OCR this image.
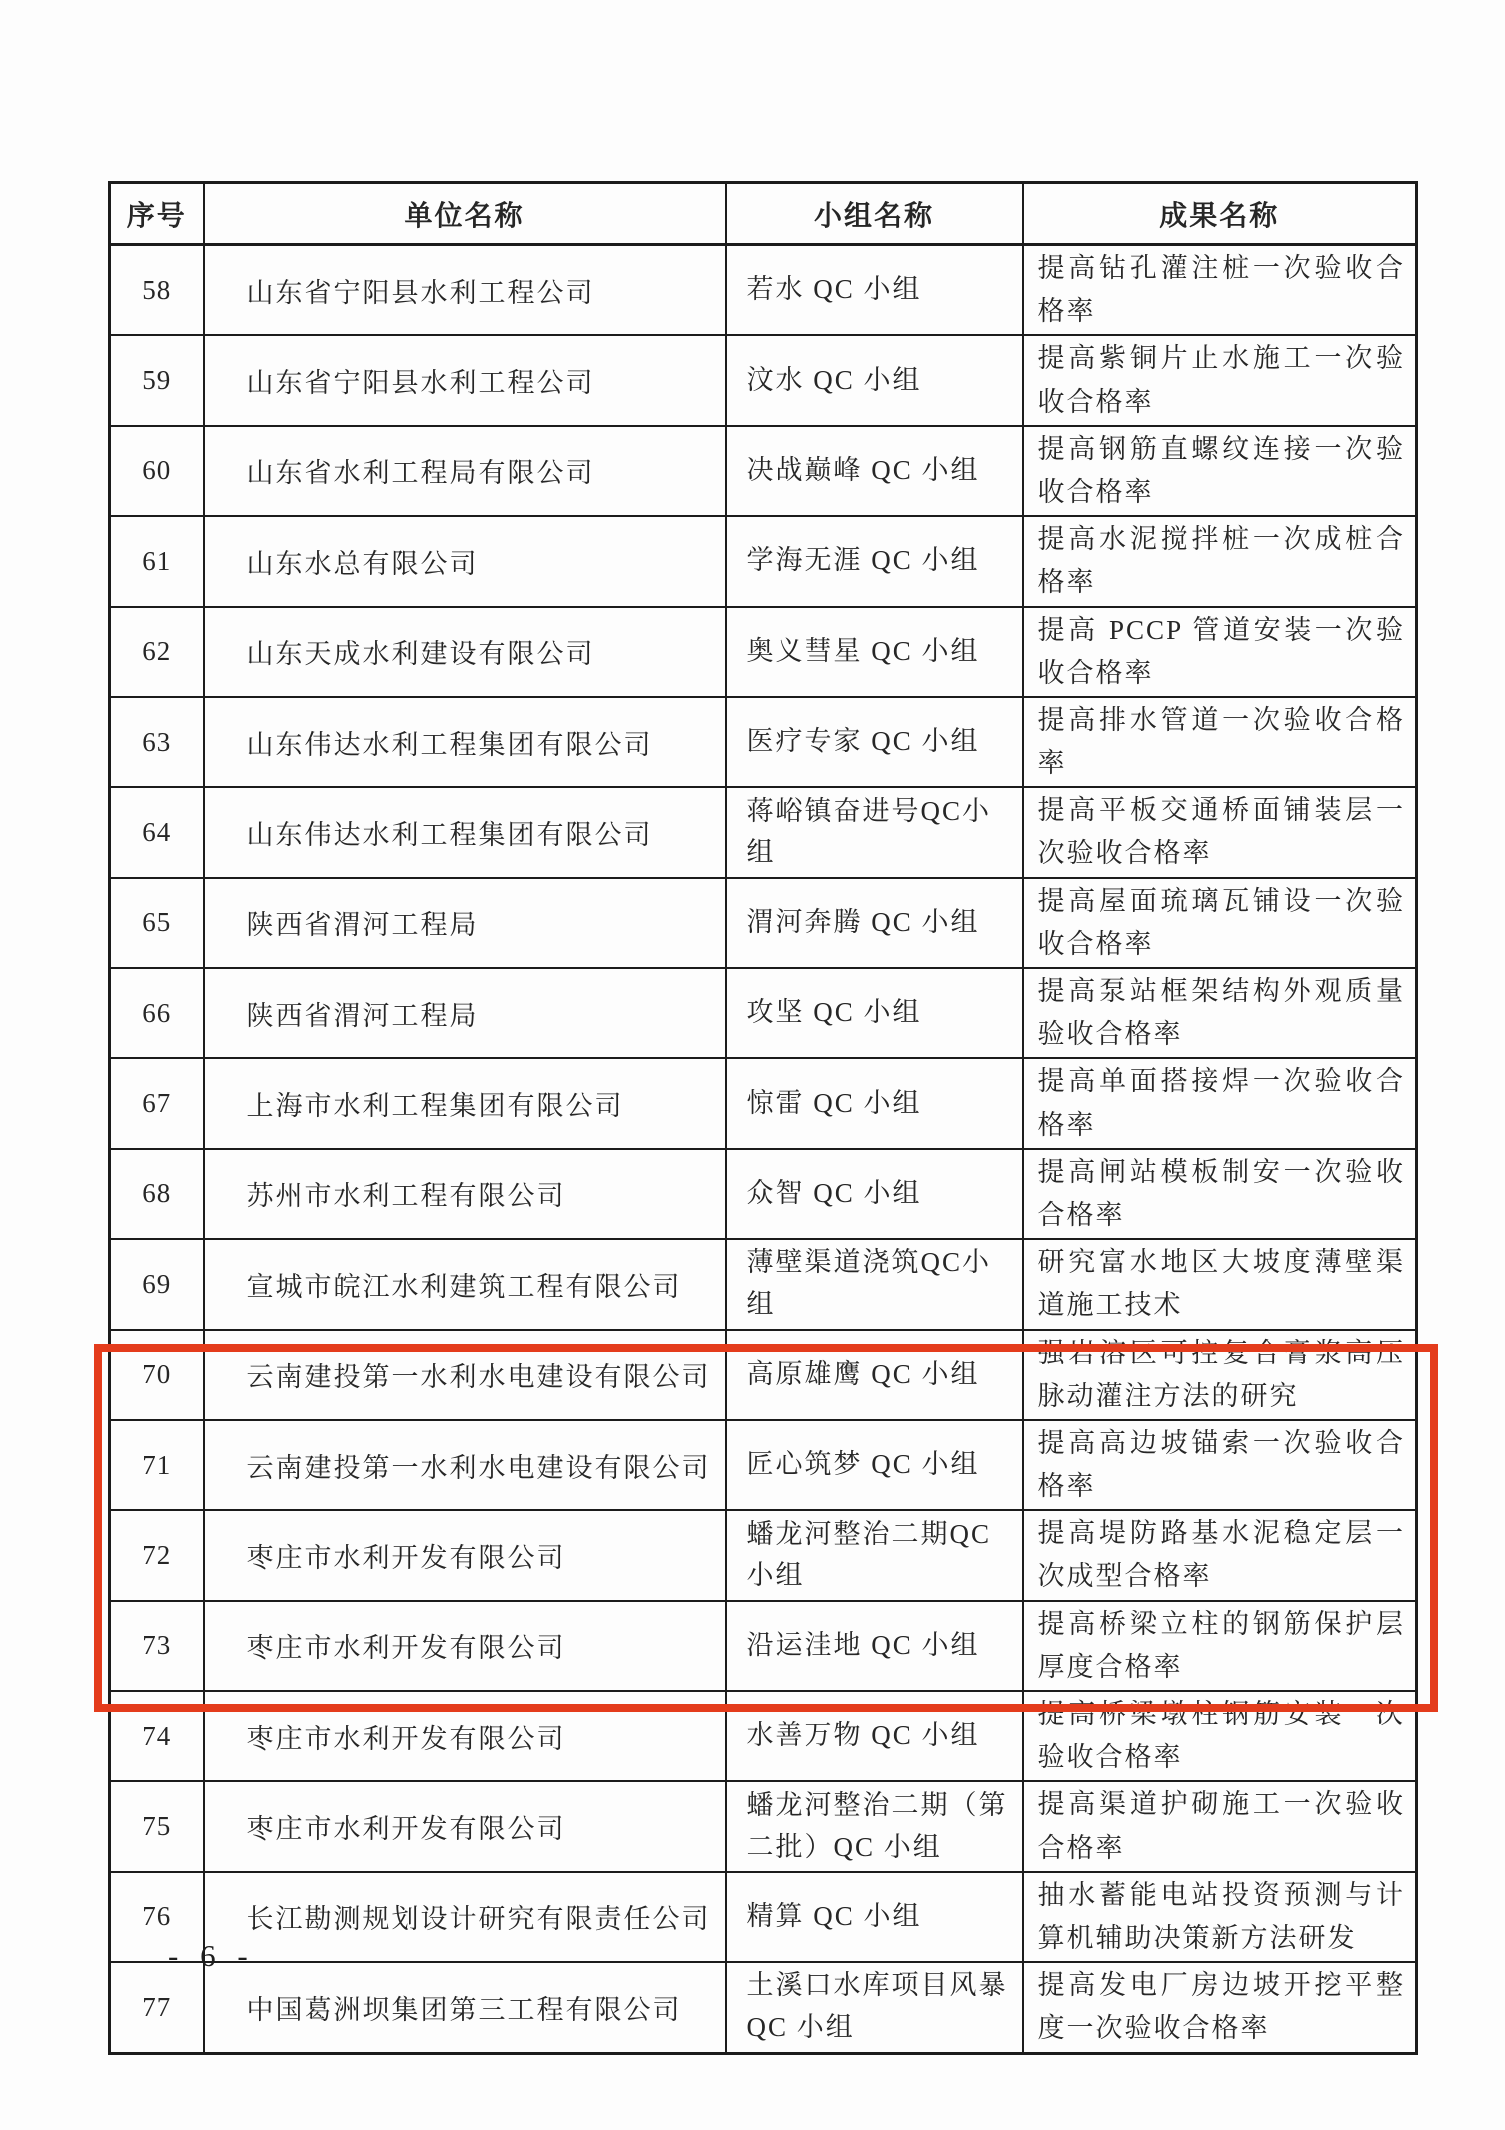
序号	单位名称	小组名称	成果名称
58	山东省宁阳县水利工程公司	若水 QC 小组	提高钻孔灌注桩一次验收合格率
59	山东省宁阳县水利工程公司	汶水 QC 小组	提高紫铜片止水施工一次验收合格率
60	山东省水利工程局有限公司	决战巅峰 QC 小组	提高钢筋直螺纹连接一次验收合格率
61	山东水总有限公司	学海无涯 QC 小组	提高水泥搅拌桩一次成桩合格率
62	山东天成水利建设有限公司	奥义彗星 QC 小组	提高 PCCP 管道安装一次验收合格率
63	山东伟达水利工程集团有限公司	医疗专家 QC 小组	提高排水管道一次验收合格率
64	山东伟达水利工程集团有限公司	蒋峪镇奋进号QC小组	提高平板交通桥面铺装层一次验收合格率
65	陕西省渭河工程局	渭河奔腾 QC 小组	提高屋面琉璃瓦铺设一次验收合格率
66	陕西省渭河工程局	攻坚 QC 小组	提高泵站框架结构外观质量验收合格率
67	上海市水利工程集团有限公司	惊雷 QC 小组	提高单面搭接焊一次验收合格率
68	苏州市水利工程有限公司	众智 QC 小组	提高闸站模板制安一次验收合格率
69	宣城市皖江水利建筑工程有限公司	薄壁渠道浇筑QC小组	研究富水地区大坡度薄壁渠道施工技术
70	云南建投第一水利水电建设有限公司	高原雄鹰 QC 小组	强岩溶区可控复合膏浆高压脉动灌注方法的研究
71	云南建投第一水利水电建设有限公司	匠心筑梦 QC 小组	提高高边坡锚索一次验收合格率
72	枣庄市水利开发有限公司	蟠龙河整治二期QC小组	提高堤防路基水泥稳定层一次成型合格率
73	枣庄市水利开发有限公司	沿运洼地 QC 小组	提高桥梁立柱的钢筋保护层厚度合格率
74	枣庄市水利开发有限公司	水善万物 QC 小组	提高桥梁墩柱钢筋安装一次验收合格率
75	枣庄市水利开发有限公司	蟠龙河整治二期（第二批）QC 小组	提高渠道护砌施工一次验收合格率
76	长江勘测规划设计研究有限责任公司	精算 QC 小组	抽水蓄能电站投资预测与计算机辅助决策新方法研发
77	中国葛洲坝集团第三工程有限公司	土溪口水库项目风暴 QC 小组	提高发电厂房边坡开挖平整度一次验收合格率
- 6 -
